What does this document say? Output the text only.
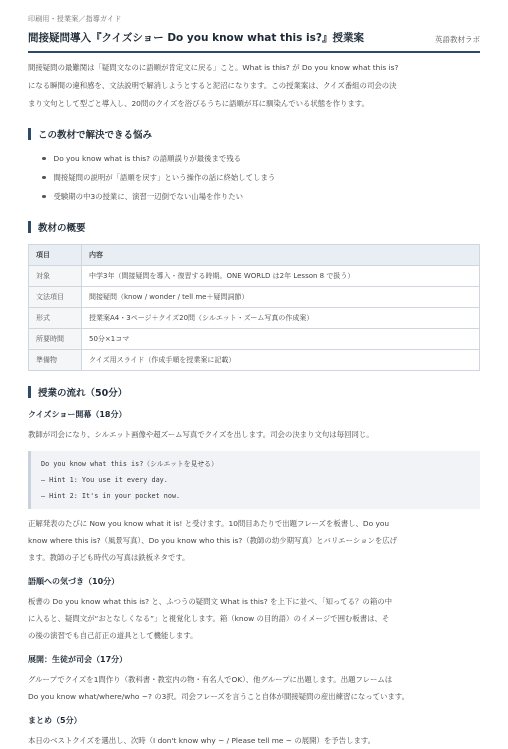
印刷用・授業案／指導ガイド
間接疑問導入『クイズショー Do you know what this is?』授業案	英語教材ラボ
間接疑問の最難関は「疑問文なのに語順が肯定文に戻る」こと。What is this? が Do you know what this is?
になる瞬間の違和感を、文法説明で解消しようとすると泥沼になります。この授業案は、クイズ番組の司会の決
まり文句として型ごと導入し、20問のクイズを浴びるうちに語順が耳に馴染んでいる状態を作ります。
この教材で解決できる悩み
Do you know what is this? の語順誤りが最後まで残る
間接疑問の説明が「語順を戻す」という操作の話に終始してしまう
受験期の中3の授業に、演習一辺倒でない山場を作りたい
教材の概要
項目	内容
対象	中学3年（間接疑問を導入・復習する時期。ONE WORLD は2年 Lesson 8 で扱う）
文法項目	間接疑問（know / wonder / tell me＋疑問詞節）
形式	授業案A4・3ページ＋クイズ20問（シルエット・ズーム写真の作成案）
所要時間	50分×1コマ
準備物	クイズ用スライド（作成手順を授業案に記載）
授業の流れ（50分）
クイズショー開幕（18分）
教師が司会になり、シルエット画像や超ズーム写真でクイズを出します。司会の決まり文句は毎回同じ。
Do you know what this is?（シルエットを見せる）
– Hint 1: You use it every day.
– Hint 2: It's in your pocket now.
正解発表のたびに Now you know what it is! と受けます。10問目あたりで出題フレーズを板書し、Do you
know where this is?（風景写真）、Do you know who this is?（教師の幼少期写真）とバリエーションを広げ
ます。教師の子ども時代の写真は鉄板ネタです。
語順への気づき（10分）
板書の Do you know what this is? と、ふつうの疑問文 What is this? を上下に並べ、「知ってる？の箱の中
に入ると、疑問文が“おとなしくなる”」と視覚化します。箱（know の目的語）のイメージで囲む板書は、そ
の後の演習でも自己訂正の道具として機能します。
展開：生徒が司会（17分）
グループでクイズを1問作り（教科書・教室内の物・有名人でOK）、他グループに出題します。出題フレームは
Do you know what/where/who ~? の3択。司会フレーズを言うこと自体が間接疑問の産出練習になっています。
まとめ（5分）
本日のベストクイズを選出し、次時（I don't know why ~ / Please tell me ~ の展開）を予告します。
